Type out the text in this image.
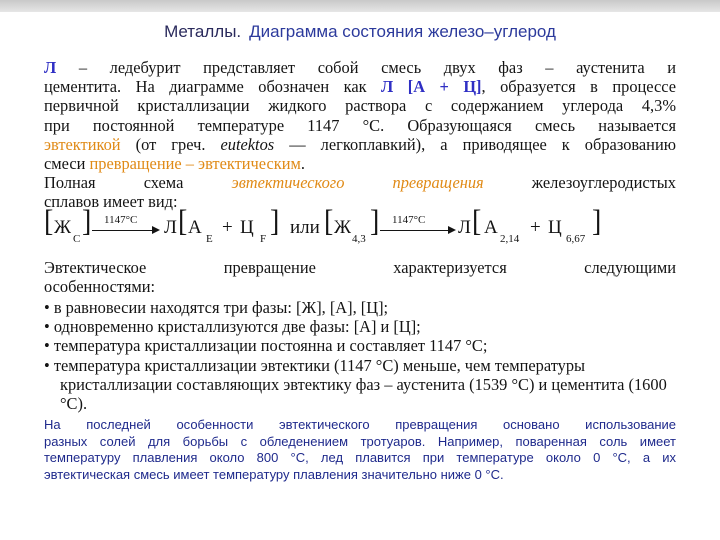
Металлы. Диаграмма состояния железо–углерод

Л – ледебурит представляет собой смесь двух фаз – аустенита и

цементита. На диаграмме обозначен как Л [А + Ц], образуется в процессе

первичной кристаллизации жидкого раствора с содержанием углерода 4,3%

при постоянной температуре 1147 °С. Образующаяся смесь называется

эвтектикой (от греч. eutektos — легкоплавкий), а приводящее к образованию

смеси превращение – эвтектическим.

Полная схема эвтектического превращения железоуглеродистых

сплавов имеет вид:

[ Ж
C
] 1147°C Л [ А
E
+ Ц
F
] или [ Ж
4,3
] 1147°C Л [ А
2,14
+ Ц
6,67
]

Эвтектическое превращение характеризуется следующими

особенностями:

• в равновесии находятся три фазы: [Ж], [А], [Ц];

• одновременно кристаллизуются две фазы: [А] и [Ц];

• температура кристаллизации постоянна и составляет 1147 °С;

• температура кристаллизации эвтектики (1147 °С) меньше, чем температуры кристаллизации составляющих эвтектику фаз – аустенита (1539 °С) и цементита (1600 °С).

На последней особенности эвтектического превращения основано использование

разных солей для борьбы с обледенением тротуаров. Например, поваренная соль имеет

температуру плавления около 800 °С, лед плавится при температуре около 0 °С, а их

эвтектическая смесь имеет температуру плавления значительно ниже 0 °С.
